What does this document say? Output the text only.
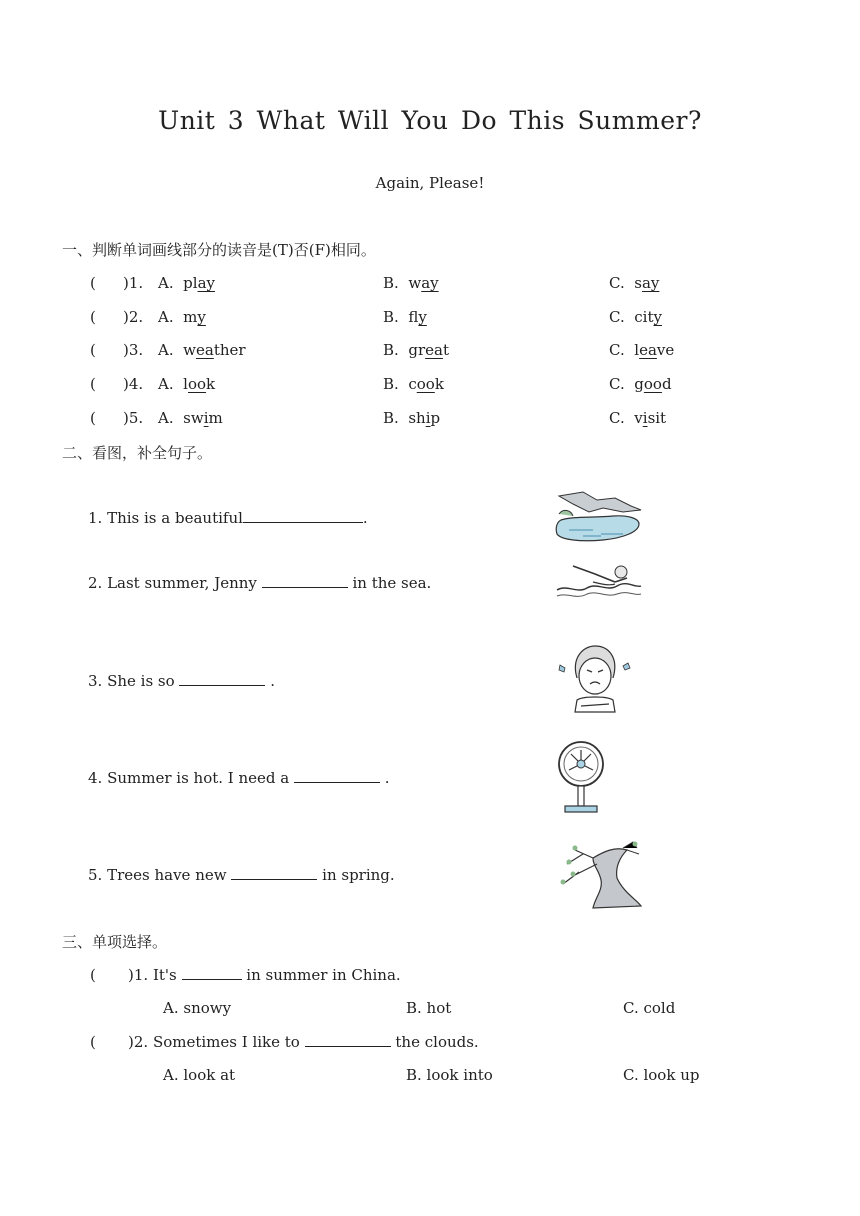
Unit 3 What Will You Do This Summer?
Again, Please!
一、判断单词画线部分的读音是(T)否(F)相同。
( )1. A. play	B. way	C. say
( )2. A. my	B. fly	C. city
( )3. A. weather	B. great	C. leave
( )4. A. look	B. cook	C. good
( )5. A. swim	B. ship	C. visit
二、看图，补全句子。
1. This is a beautiful	.
2. Last summer, Jenny	in the sea.
3. She is so	.
4. Summer is hot. I need a	.
5. Trees have new	in spring.
三、单项选择。
( )1. It's	in summer in China.
A. snowy	B. hot	C. cold
( )2. Sometimes I like to	the clouds.
A. look at	B. look into	C. look up
